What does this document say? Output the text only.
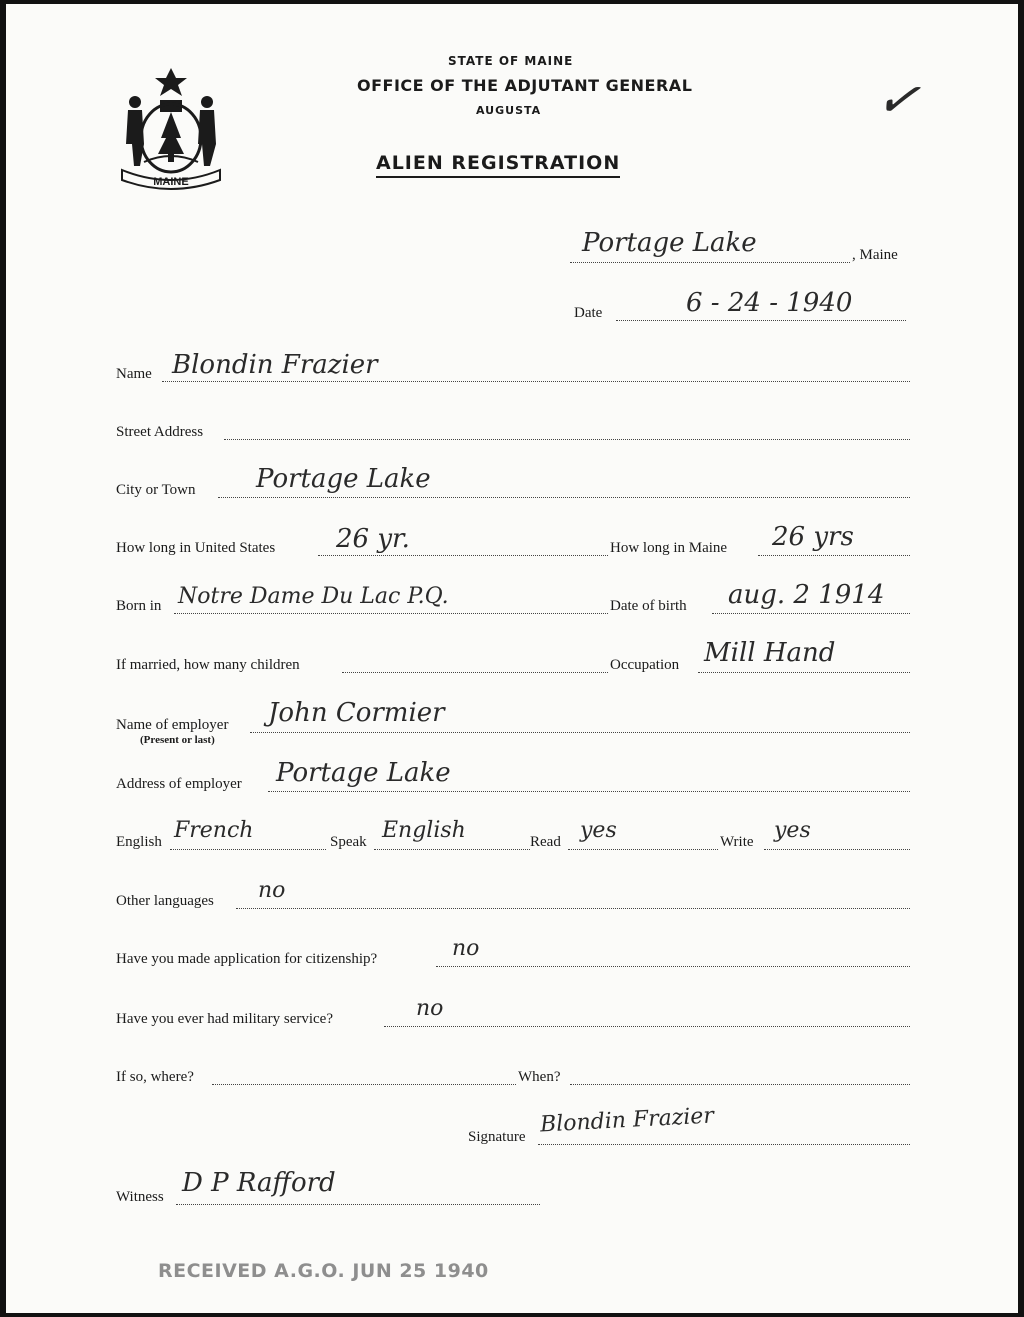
MAINE
STATE OF MAINE
OFFICE OF THE ADJUTANT GENERAL
AUGUSTA
ALIEN REGISTRATION
✓
Portage Lake	, Maine
Date	6 - 24 - 1940
Name Blondin Frazier
Street Address
City or Town Portage Lake
How long in United States 26 yr.	How long in Maine 26 yrs
Born in Notre Dame Du Lac P.Q.	Date of birth aug. 2 1914
If married, how many children	Occupation Mill Hand
Name of employer
(Present or last)
John Cormier
Address of employer Portage Lake
English French	Speak English	Read yes	Write yes
Other languages no
Have you made application for citizenship?	no
Have you ever had military service?	no
If so, where?	When?
Signature Blondin Frazier
Witness D P Rafford
RECEIVED A.G.O. JUN 25 1940
